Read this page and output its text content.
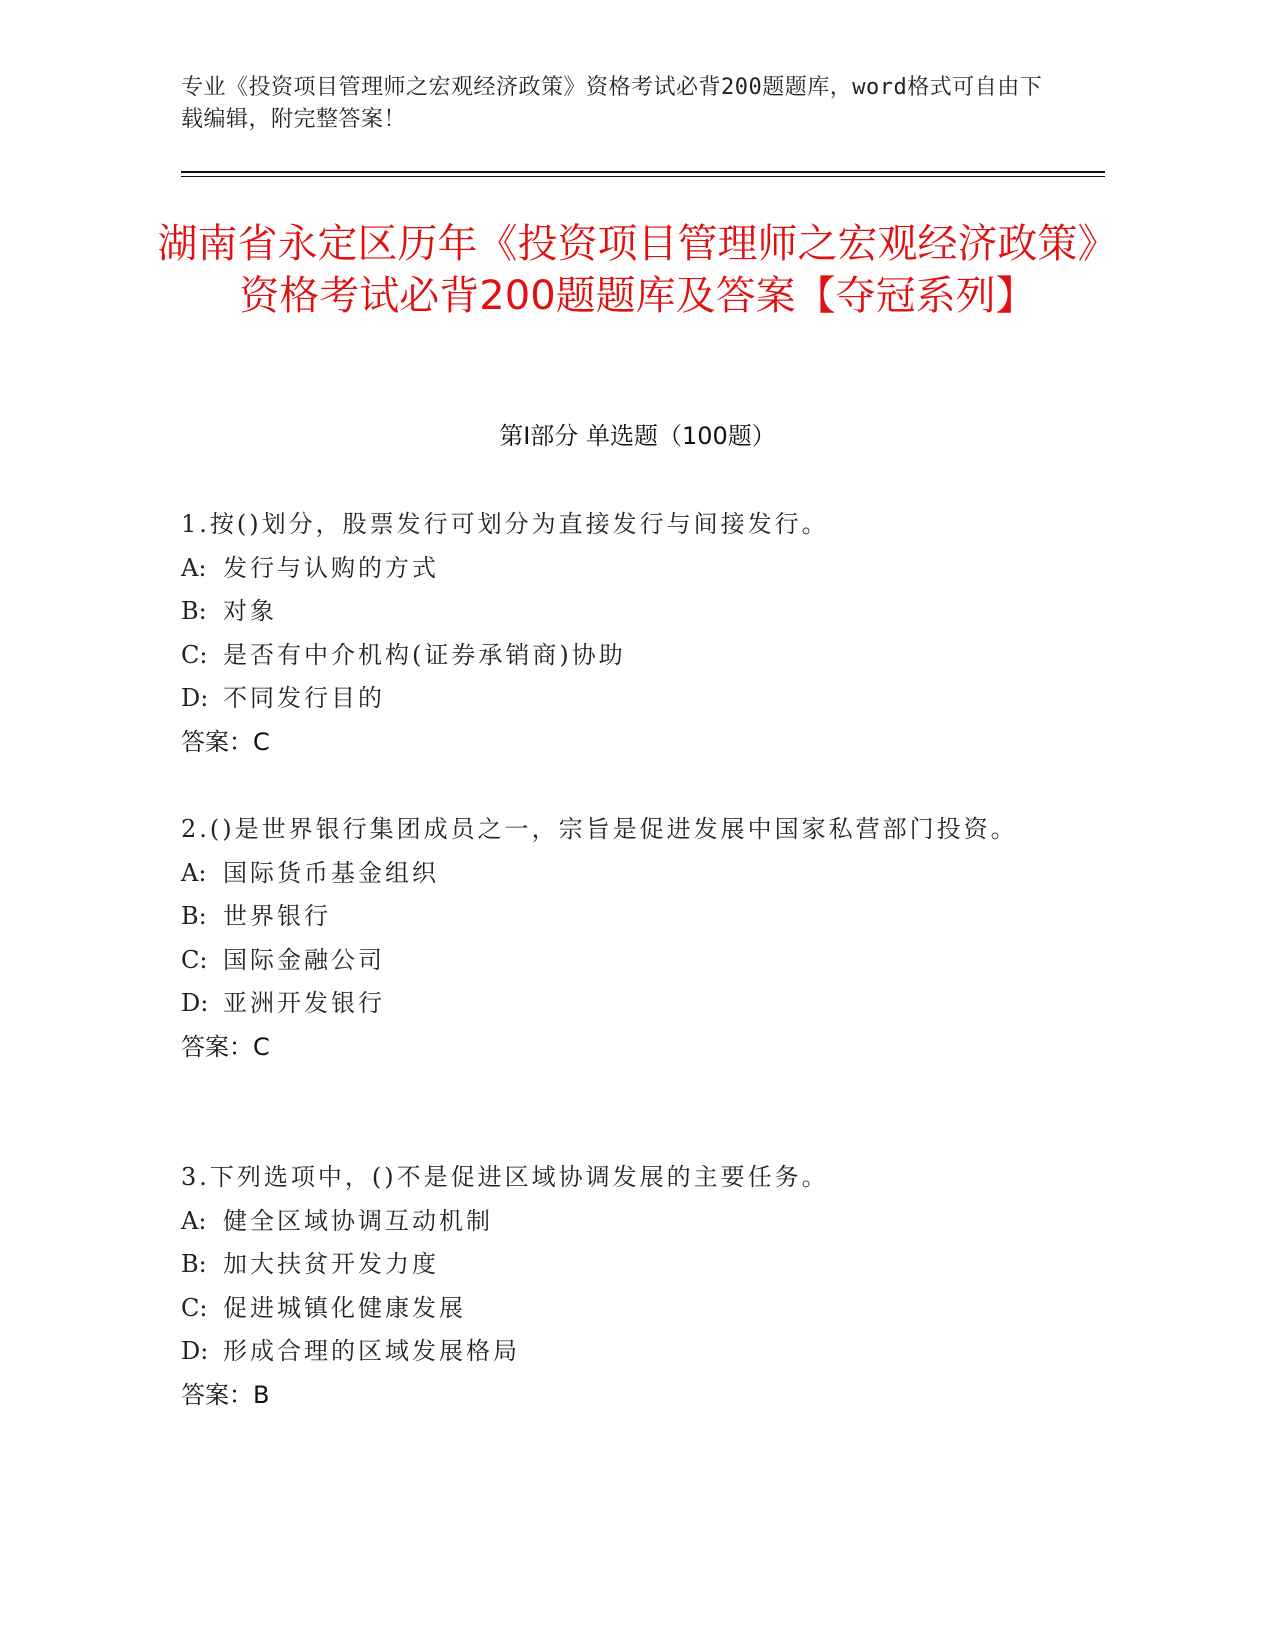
专业《投资项目管理师之宏观经济政策》资格考试必背200题题库，word格式可自由下载编辑，附完整答案！
湖南省永定区历年《投资项目管理师之宏观经济政策》资格考试必背200题题库及答案【夺冠系列】
第I部分 单选题（100题）
1.按()划分，股票发行可划分为直接发行与间接发行。
A: 发行与认购的方式
B: 对象
C: 是否有中介机构(证券承销商)协助
D: 不同发行目的
答案：C
2.()是世界银行集团成员之一，宗旨是促进发展中国家私营部门投资。
A: 国际货币基金组织
B: 世界银行
C: 国际金融公司
D: 亚洲开发银行
答案：C
3.下列选项中，()不是促进区域协调发展的主要任务。
A: 健全区域协调互动机制
B: 加大扶贫开发力度
C: 促进城镇化健康发展
D: 形成合理的区域发展格局
答案：B
